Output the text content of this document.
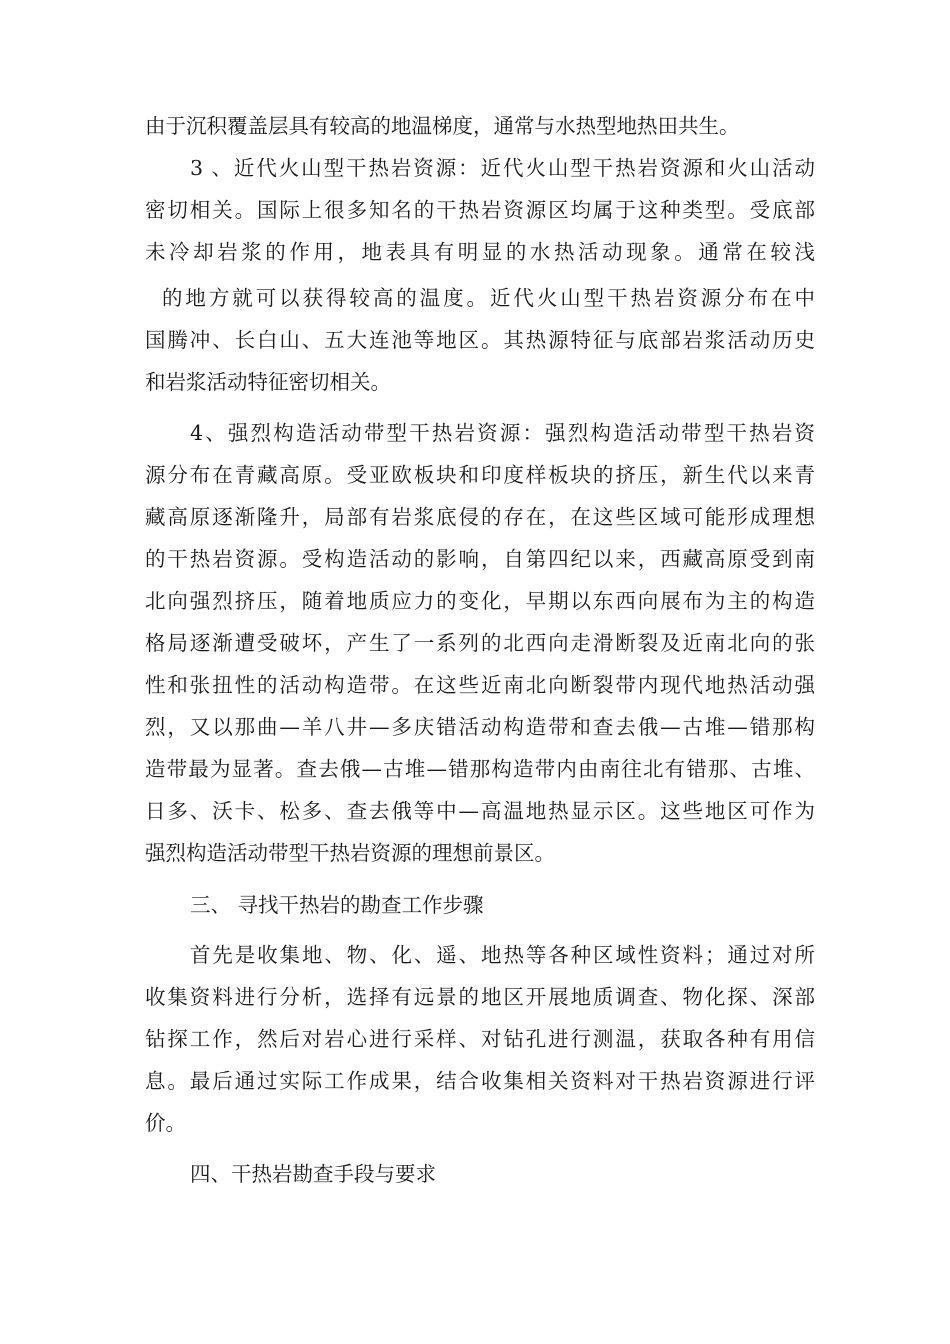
由于沉积覆盖层具有较高的地温梯度，通常与水热型地热田共生。
3 、近代火山型干热岩资源：近代火山型干热岩资源和火山活动
密切相关。国际上很多知名的干热岩资源区均属于这种类型。受底部
未冷却岩浆的作用，地表具有明显的水热活动现象。通常在较浅
的地方就可以获得较高的温度。近代火山型干热岩资源分布在中
国腾冲、长白山、五大连池等地区。其热源特征与底部岩浆活动历史
和岩浆活动特征密切相关。
4、强烈构造活动带型干热岩资源：强烈构造活动带型干热岩资
源分布在青藏高原。受亚欧板块和印度样板块的挤压，新生代以来青
藏高原逐渐隆升，局部有岩浆底侵的存在，在这些区域可能形成理想
的干热岩资源。受构造活动的影响，自第四纪以来，西藏高原受到南
北向强烈挤压，随着地质应力的变化，早期以东西向展布为主的构造
格局逐渐遭受破坏，产生了一系列的北西向走滑断裂及近南北向的张
性和张扭性的活动构造带。在这些近南北向断裂带内现代地热活动强
烈，又以那曲—羊八井—多庆错活动构造带和查去俄—古堆—错那构
造带最为显著。查去俄—古堆—错那构造带内由南往北有错那、古堆、
日多、沃卡、松多、查去俄等中—高温地热显示区。这些地区可作为
强烈构造活动带型干热岩资源的理想前景区。
三、 寻找干热岩的勘查工作步骤
首先是收集地、物、化、遥、地热等各种区域性资料；通过对所
收集资料进行分析，选择有远景的地区开展地质调查、物化探、深部
钻探工作，然后对岩心进行采样、对钻孔进行测温，获取各种有用信
息。最后通过实际工作成果，结合收集相关资料对干热岩资源进行评
价。
四、干热岩勘查手段与要求
